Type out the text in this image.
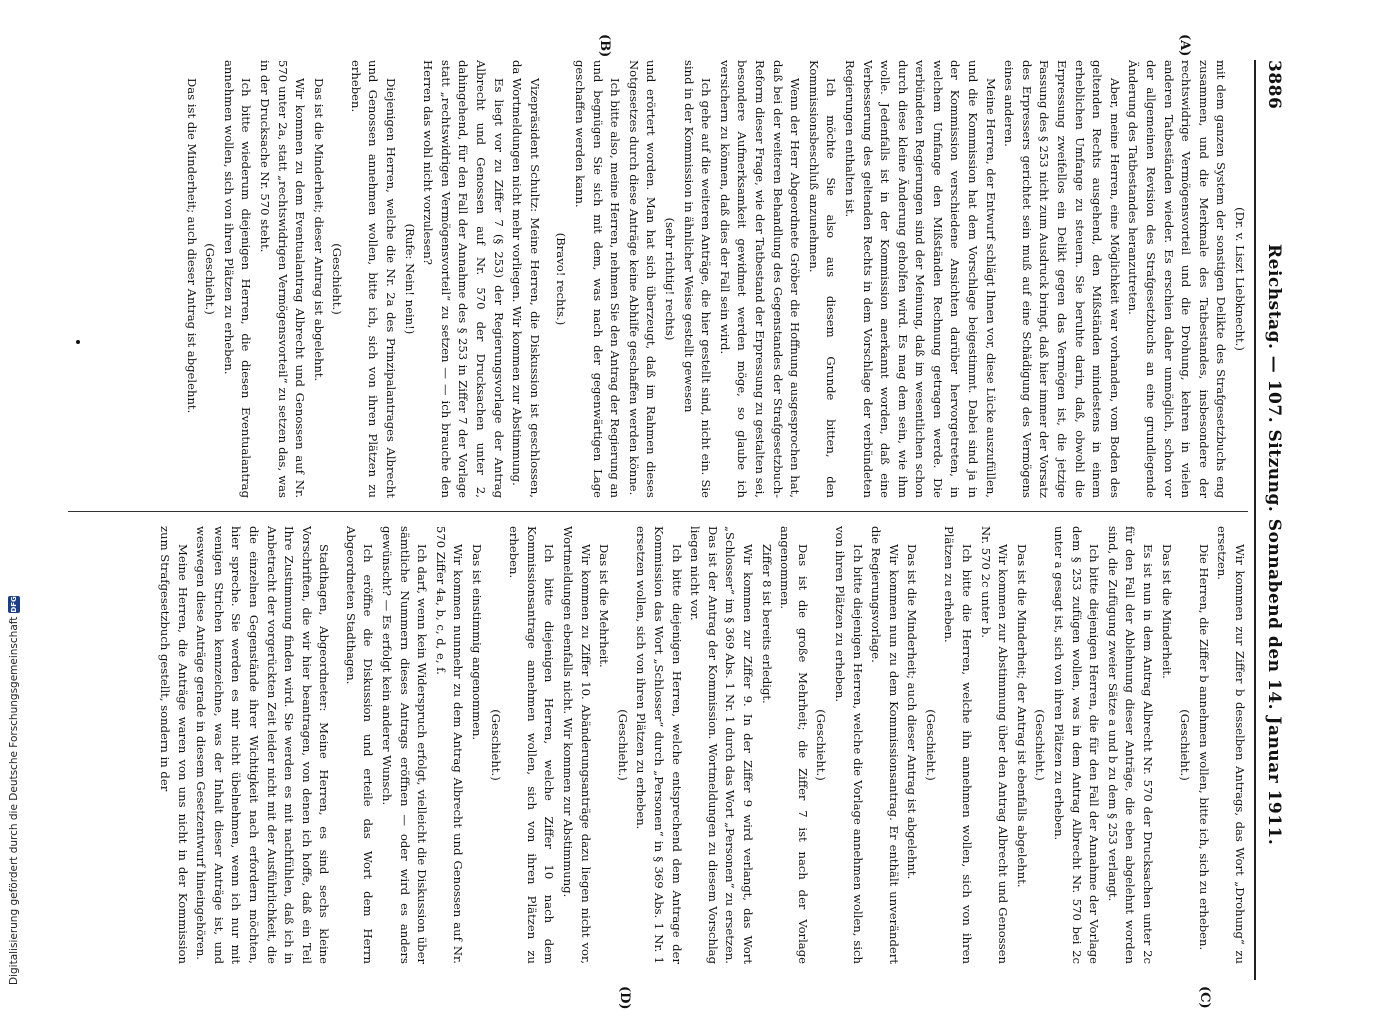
3886
Reichstag. — 107. Sitzung. Sonnabend den 14. Januar 1911.

(Dr. v. Liszt Liebknecht.)

mit dem ganzen System der sonstigen Delikte des Strafgesetzbuchs eng zusammen, und die Merkmale des Tatbestandes, insbesondere der rechtswidrige Vermögensvorteil und die Drohung, kehren in vielen anderen Tatbeständen wieder. Es erschien daher unmöglich, schon vor der allgemeinen Revision des Strafgesetzbuchs an eine grundlegende Änderung des Tatbestandes heranzutreten.

Aber, meine Herren, eine Möglichkeit war vorhanden, vom Boden des geltenden Rechts ausgehend, den Mißständen mindestens in einem erheblichen Umfange zu steuern. Sie beruhte darin, daß, obwohl die Erpressung zweifellos ein Delikt gegen das Vermögen ist, die jetzige Fassung des § 253 nicht zum Ausdruck bringt, daß hier immer der Vorsatz des Erpressers gerichtet sein muß auf eine Schädigung des Vermögens eines anderen.

Meine Herren, der Entwurf schlägt Ihnen vor, diese Lücke auszufüllen, und die Kommission hat dem Vorschlage beigestimmt. Dabei sind ja in der Kommission verschiedene Ansichten darüber hervorgetreten, in welchem Umfange den Mißständen Rechnung getragen werde. Die verbündeten Regierungen sind der Meinung, daß im wesentlichen schon durch diese kleine Änderung geholfen wird. Es mag dem sein, wie ihm wolle. Jedenfalls ist in der Kommission anerkannt worden, daß eine Verbesserung des geltenden Rechts in dem Vorschlage der verbündeten Regierungen enthalten ist.

Ich möchte Sie also aus diesem Grunde bitten, den Kommissionsbeschluß anzunehmen.

Wenn der Herr Abgeordnete Gröber die Hoffnung ausgesprochen hat, daß bei der weiteren Behandlung des Gegenstandes der Strafgesetzbuch-Reform dieser Frage, wie der Tatbestand der Erpressung zu gestalten sei, besondere Aufmerksamkeit gewidmet werden möge, so glaube ich versichern zu können, daß dies der Fall sein wird.

Ich gehe auf die weiteren Anträge, die hier gestellt sind, nicht ein. Sie sind in der Kommission in ähnlicher Weise gestellt gewesen

(sehr richtig! rechts)

und erörtert worden. Man hat sich überzeugt, daß im Rahmen dieses Notgesetzes durch diese Anträge keine Abhilfe geschaffen werden könne.

Ich bitte also, meine Herren, nehmen Sie den Antrag der Regierung an und begnügen Sie sich mit dem, was nach der gegenwärtigen Lage geschaffen werden kann.

(Bravo! rechts.)

Vizepräsident Schultz: Meine Herren, die Diskussion ist geschlossen, da Wortmeldungen nicht mehr vorliegen. Wir kommen zur Abstimmung.

Es liegt vor zu Ziffer 7 (§ 253) der Regierungsvorlage der Antrag Albrecht und Genossen auf Nr. 570 der Drucksachen unter 2, dahingehend, für den Fall der Annahme des § 253 in Ziffer 7 der Vorlage statt „rechtswidrigen Vermögensvorteil“ zu setzen — — ich brauche den Herren das wohl nicht vorzulesen?

(Rufe: Nein! nein!)

Diejenigen Herren, welche die Nr. 2a des Prinzipalantrages Albrecht und Genossen annehmen wollen, bitte ich, sich von ihren Plätzen zu erheben.

(Geschieht.)

Das ist die Minderheit; dieser Antrag ist abgelehnt.

Wir kommen zu dem Eventualantrag Albrecht und Genossen auf Nr. 570 unter 2a, statt „rechtswidrigen Vermögensvorteil“ zu setzen das, was in der Drucksache Nr. 570 steht.

Ich bitte wiederum diejenigen Herren, die diesen Eventualantrag annehmen wollen, sich von ihren Plätzen zu erheben.

(Geschieht.)

Das ist die Minderheit; auch dieser Antrag ist abgelehnt.

Wir kommen zur Ziffer b desselben Antrags, das Wort „Drohung“ zu ersetzen.

Die Herren, die Ziffer b annehmen wollen, bitte ich, sich zu erheben.

(Geschieht.)

Das ist die Minderheit.

Es ist nun in dem Antrag Albrecht Nr. 570 der Drucksachen unter 2c für den Fall der Ablehnung dieser Anträge, die eben abgelehnt worden sind, die Zufügung zweier Sätze a und b zu dem § 253 verlangt.

Ich bitte diejenigen Herren, die für den Fall der Annahme der Vorlage dem § 253 zufügen wollen, was in dem Antrag Albrecht Nr. 570 bei 2c unter a gesagt ist, sich von ihren Plätzen zu erheben.

(Geschieht.)

Das ist die Minderheit; der Antrag ist ebenfalls abgelehnt.

Wir kommen zur Abstimmung über den Antrag Albrecht und Genossen Nr. 570 2c unter b.

Ich bitte die Herren, welche ihn annehmen wollen, sich von ihren Plätzen zu erheben.

(Geschieht.)

Das ist die Minderheit; auch dieser Antrag ist abgelehnt.

Wir kommen nun zu dem Kommissionsantrag. Er enthält unverändert die Regierungsvorlage.

Ich bitte diejenigen Herren, welche die Vorlage annehmen wollen, sich von ihren Plätzen zu erheben.

(Geschieht.)

Das ist die große Mehrheit; die Ziffer 7 ist nach der Vorlage angenommen.

Ziffer 8 ist bereits erledigt.

Wir kommen zur Ziffer 9. In der Ziffer 9 wird verlangt, das Wort „Schlosser“ im § 369 Abs. 1 Nr. 1 durch das Wort „Personen“ zu ersetzen. Das ist der Antrag der Kommission. Wortmeldungen zu diesem Vorschlag liegen nicht vor.

Ich bitte diejenigen Herren, welche entsprechend dem Antrage der Kommission das Wort „Schlosser“ durch „Personen“ in § 369 Abs. 1 Nr. 1 ersetzen wollen, sich von ihren Plätzen zu erheben.

(Geschieht.)

Das ist die Mehrheit.

Wir kommen zu Ziffer 10. Abänderungsanträge dazu liegen nicht vor, Wortmeldungen ebenfalls nicht. Wir kommen zur Abstimmung.

Ich bitte diejenigen Herren, welche Ziffer 10 nach dem Kommissionsantrage annehmen wollen, sich von ihren Plätzen zu erheben.

(Geschieht.)

Das ist einstimmig angenommen.

Wir kommen nunmehr zu dem Antrag Albrecht und Genossen auf Nr. 570 Ziffer 4a, b, c, d, e, f.

Ich darf, wenn kein Widerspruch erfolgt, vielleicht die Diskussion über sämtliche Nummern dieses Antrags eröffnen — oder wird es anders gewünscht? — Es erfolgt kein anderer Wunsch.

Ich eröffne die Diskussion und erteile das Wort dem Herrn Abgeordneten Stadthagen.

Stadthagen, Abgeordneter: Meine Herren, es sind sechs kleine Vorschriften, die wir hier beantragen, von denen ich hoffe, daß ein Teil Ihre Zustimmung finden wird. Sie werden es mit nachfühlen, daß ich in Anbetracht der vorgerückten Zeit leider nicht mit der Ausführlichkeit, die die einzelnen Gegenstände ihrer Wichtigkeit nach erfordern möchten, hier spreche. Sie werden es mir nicht übelnehmen, wenn ich nur mit wenigen Strichen kennzeichne, was der Inhalt dieser Anträge ist, und weswegen diese Anträge gerade in diesem Gesetzentwurf hineingehören.

Meine Herren, die Anträge waren von uns nicht in der Kommission zum Strafgesetzbuch gestellt, sondern in der

(A)
(B)
(C)
(D)
Digitalisierung gefördert durch die Deutsche Forschungsgemeinschaft
DFG
